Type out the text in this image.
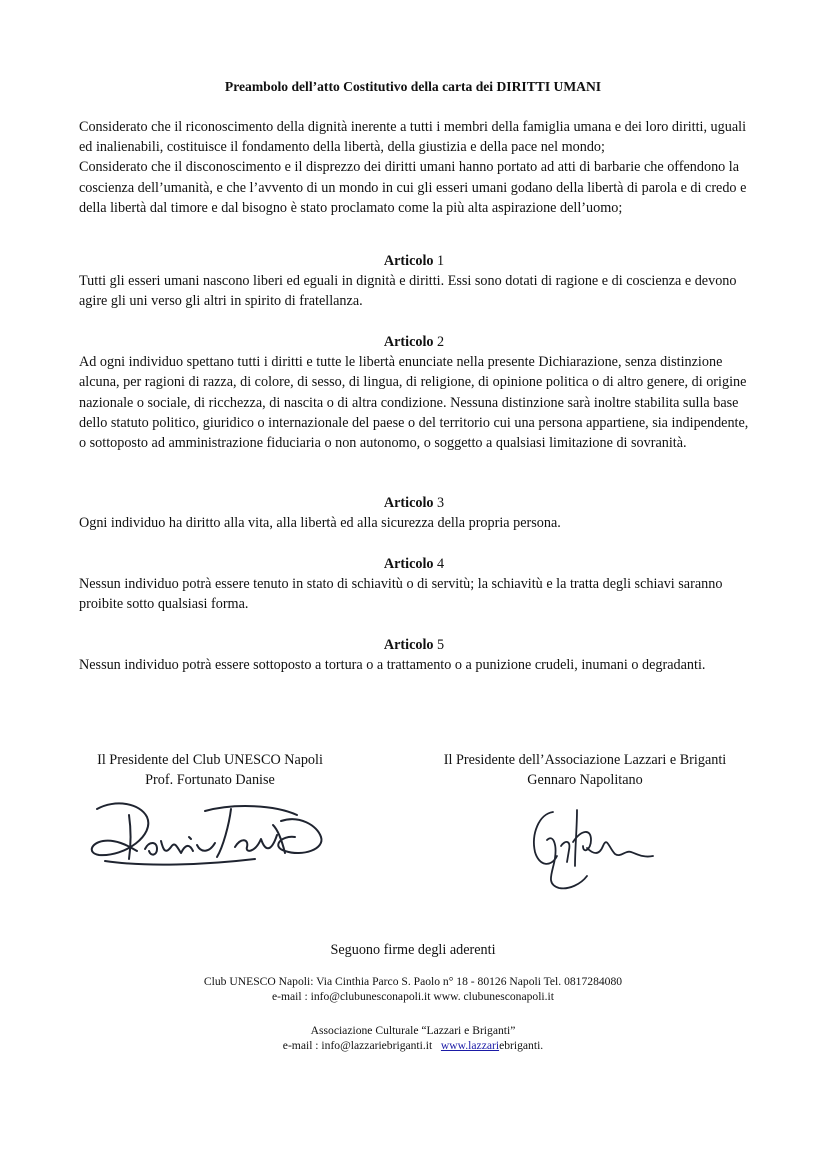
Preambolo dell’atto Costitutivo della carta dei DIRITTI UMANI

Considerato che il riconoscimento della dignità inerente a tutti i membri della famiglia umana e dei loro diritti, uguali ed inalienabili, costituisce il fondamento della libertà, della giustizia e della pace nel mondo;

Considerato che il disconoscimento e il disprezzo dei diritti umani hanno portato ad atti di barbarie che offendono la coscienza dell’umanità, e che l’avvento di un mondo in cui gli esseri umani godano della libertà di parola e di credo e della libertà dal timore e dal bisogno è stato proclamato come la più alta aspirazione dell’uomo;

Articolo 1

Tutti gli esseri umani nascono liberi ed eguali in dignità e diritti. Essi sono dotati di ragione e di coscienza e devono agire gli uni verso gli altri in spirito di fratellanza.

Articolo 2

Ad ogni individuo spettano tutti i diritti e tutte le libertà enunciate nella presente Dichiarazione, senza distinzione alcuna, per ragioni di razza, di colore, di sesso, di lingua, di religione, di opinione politica o di altro genere, di origine nazionale o sociale, di ricchezza, di nascita o di altra condizione. Nessuna distinzione sarà inoltre stabilita sulla base dello statuto politico, giuridico o internazionale del paese o del territorio cui una persona appartiene, sia indipendente, o sottoposto ad amministrazione fiduciaria o non autonomo, o soggetto a qualsiasi limitazione di sovranità.

Articolo 3

Ogni individuo ha diritto alla vita, alla libertà ed alla sicurezza della propria persona.

Articolo 4

Nessun individuo potrà essere tenuto in stato di schiavitù o di servitù; la schiavitù e la tratta degli schiavi saranno proibite sotto qualsiasi forma.

Articolo 5

Nessun individuo potrà essere sottoposto a tortura o a trattamento o a punizione crudeli, inumani o degradanti.

Il Presidente del Club UNESCO Napoli
Prof. Fortunato Danise
Il Presidente dell’Associazione Lazzari e Briganti
Gennaro Napolitano
Seguono firme degli aderenti
Club UNESCO Napoli: Via Cinthia Parco S. Paolo n° 18 - 80126 Napoli Tel. 0817284080
e-mail : info@clubunesconapoli.it www. clubunesconapoli.it
Associazione Culturale “Lazzari e Briganti”
e-mail : info@lazzariebriganti.it www.lazzariebriganti.
